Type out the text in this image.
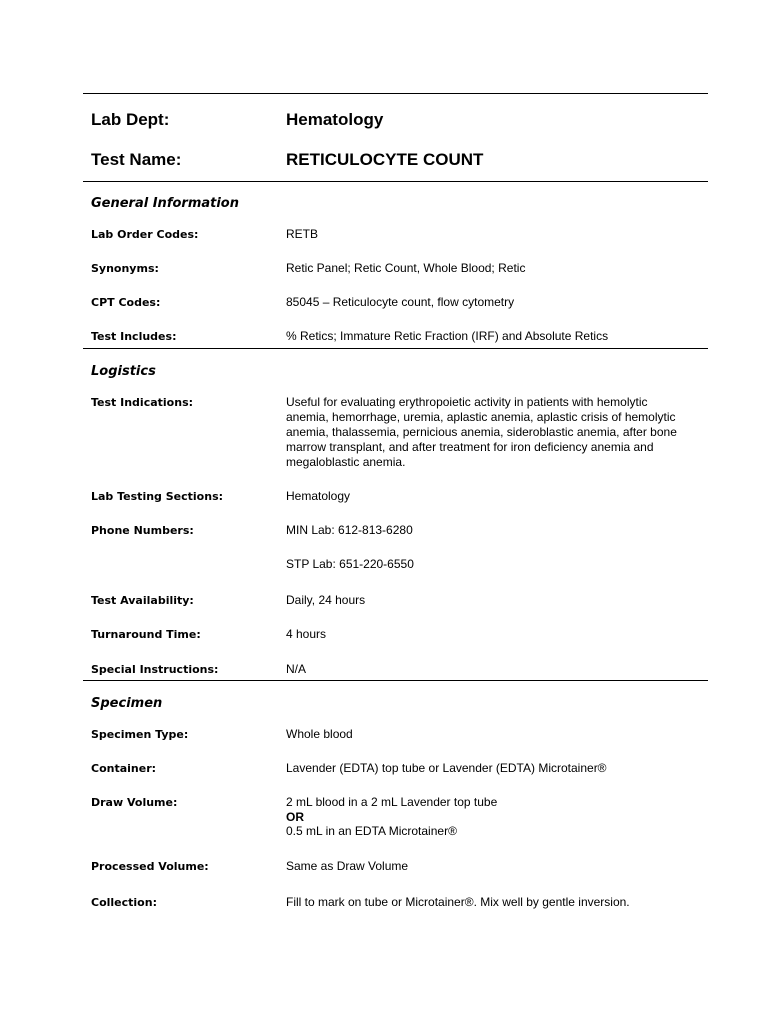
Lab Dept:	Hematology
Test Name:	RETICULOCYTE COUNT
General Information
Lab Order Codes:	RETB
Synonyms:	Retic Panel; Retic Count, Whole Blood; Retic
CPT Codes:	85045 – Reticulocyte count, flow cytometry
Test Includes:	% Retics; Immature Retic Fraction (IRF) and Absolute Retics
Logistics
Test Indications:	Useful for evaluating erythropoietic activity in patients with hemolytic
anemia, hemorrhage, uremia, aplastic anemia, aplastic crisis of hemolytic
anemia, thalassemia, pernicious anemia, sideroblastic anemia, after bone
marrow transplant, and after treatment for iron deficiency anemia and
megaloblastic anemia.
Lab Testing Sections:	Hematology
Phone Numbers:	MIN Lab: 612-813-6280
STP Lab: 651-220-6550
Test Availability:	Daily, 24 hours
Turnaround Time:	4 hours
Special Instructions:	N/A
Specimen
Specimen Type:	Whole blood
Container:	Lavender (EDTA) top tube or Lavender (EDTA) Microtainer®
Draw Volume:	2 mL blood in a 2 mL Lavender top tube
OR
0.5 mL in an EDTA Microtainer®
Processed Volume:	Same as Draw Volume
Collection:	Fill to mark on tube or Microtainer®. Mix well by gentle inversion.
